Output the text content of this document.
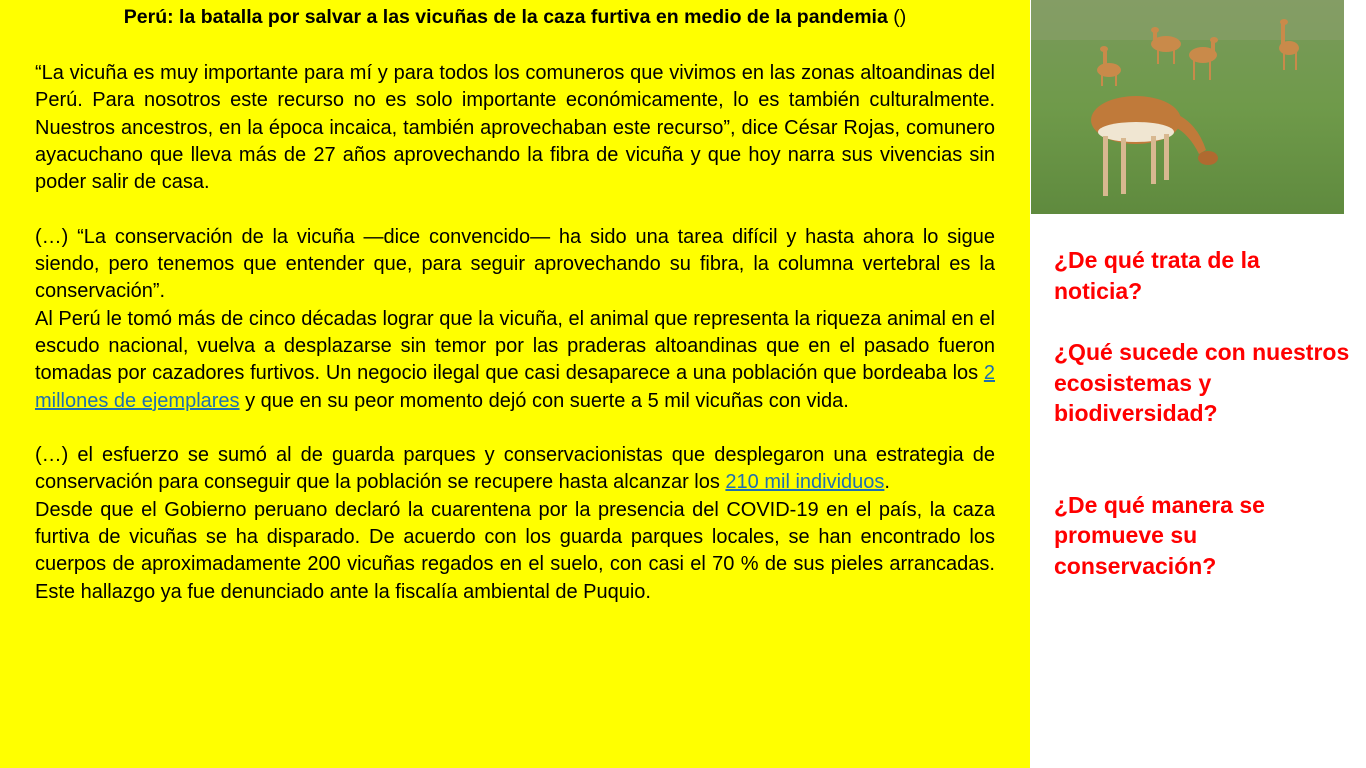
Perú: la batalla por salvar a las vicuñas de la caza furtiva en medio de la pandemia ()

“La vicuña es muy importante para mí y para todos los comuneros que vivimos en las zonas altoandinas del Perú. Para nosotros este recurso no es solo importante económicamente, lo es también culturalmente. Nuestros ancestros, en la época incaica, también aprovechaban este recurso”, dice César Rojas, comunero ayacuchano que lleva más de 27 años aprovechando la fibra de vicuña y que hoy narra sus vivencias sin poder salir de casa.

(…) “La conservación de la vicuña —dice convencido— ha sido una tarea difícil y hasta ahora lo sigue siendo, pero tenemos que entender que, para seguir aprovechando su fibra, la columna vertebral es la conservación”.

Al Perú le tomó más de cinco décadas lograr que la vicuña, el animal que representa la riqueza animal en el escudo nacional, vuelva a desplazarse sin temor por las praderas altoandinas que en el pasado fueron tomadas por cazadores furtivos. Un negocio ilegal que casi desaparece a una población que bordeaba los 2 millones de ejemplares y que en su peor momento dejó con suerte a 5 mil vicuñas con vida.

(…) el esfuerzo se sumó al de guarda parques y conservacionistas que desplegaron una estrategia de conservación para conseguir que la población se recupere hasta alcanzar los 210 mil individuos.

Desde que el Gobierno peruano declaró la cuarentena por la presencia del COVID-19 en el país, la caza furtiva de vicuñas se ha disparado. De acuerdo con los guarda parques locales, se han encontrado los cuerpos de aproximadamente 200 vicuñas regados en el suelo, con casi el 70 % de sus pieles arrancadas. Este hallazgo ya fue denunciado ante la fiscalía ambiental de Puquio.

¿De qué trata de la noticia?

¿Qué sucede con nuestros ecosistemas y biodiversidad?

¿De qué manera se promueve su conservación?
